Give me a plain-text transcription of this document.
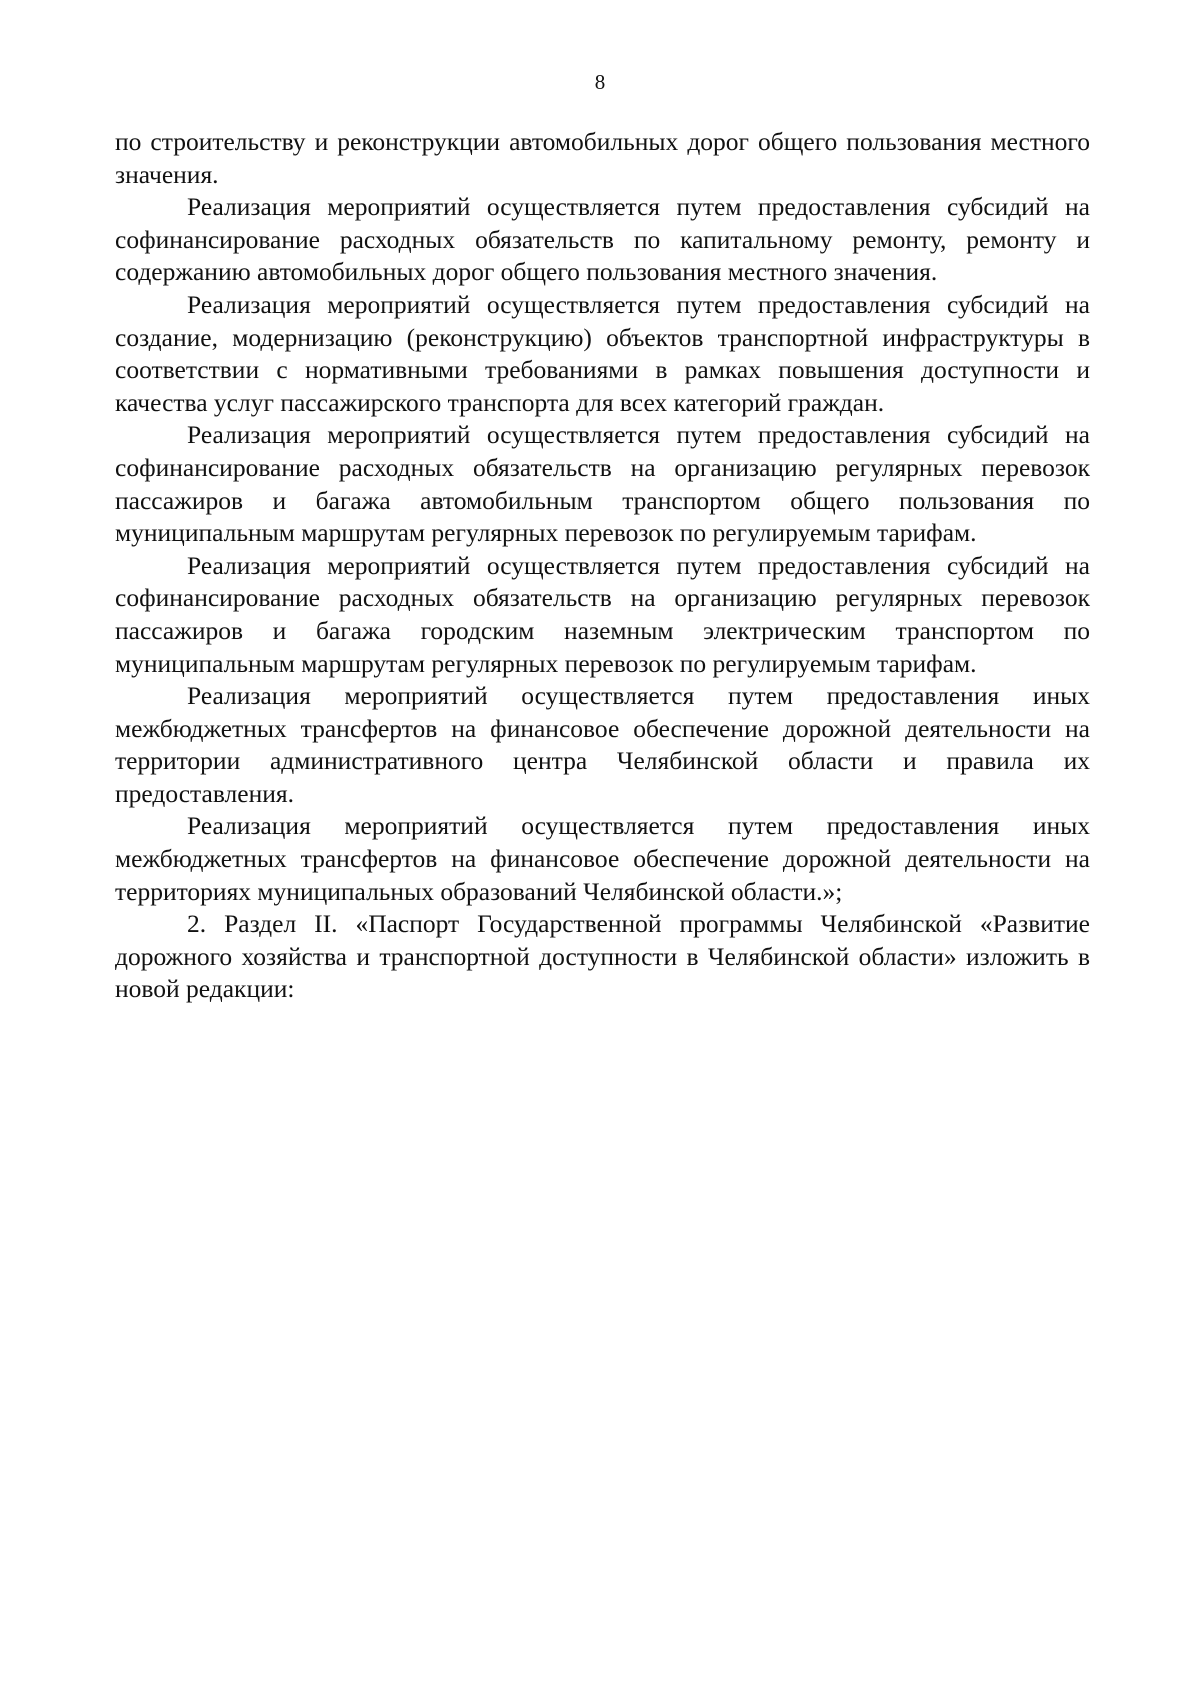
8

по строительству и реконструкции автомобильных дорог общего пользования местного значения.

Реализация мероприятий осуществляется путем предоставления субсидий на софинансирование расходных обязательств по капитальному ремонту, ремонту и содержанию автомобильных дорог общего пользования местного значения.

Реализация мероприятий осуществляется путем предоставления субсидий на создание, модернизацию (реконструкцию) объектов транспортной инфраструктуры в соответствии с нормативными требованиями в рамках повышения доступности и качества услуг пассажирского транспорта для всех категорий граждан.

Реализация мероприятий осуществляется путем предоставления субсидий на софинансирование расходных обязательств на организацию регулярных перевозок пассажиров и багажа автомобильным транспортом общего пользования по муниципальным маршрутам регулярных перевозок по регулируемым тарифам.

Реализация мероприятий осуществляется путем предоставления субсидий на софинансирование расходных обязательств на организацию регулярных перевозок пассажиров и багажа городским наземным электрическим транспортом по муниципальным маршрутам регулярных перевозок по регулируемым тарифам.

Реализация мероприятий осуществляется путем предоставления иных межбюджетных трансфертов на финансовое обеспечение дорожной деятельности на территории административного центра Челябинской области и правила их предоставления.

Реализация мероприятий осуществляется путем предоставления иных межбюджетных трансфертов на финансовое обеспечение дорожной деятельности на территориях муниципальных образований Челябинской области.»;

2. Раздел II. «Паспорт Государственной программы Челябинской «Развитие дорожного хозяйства и транспортной доступности в Челябинской области» изложить в новой редакции:
